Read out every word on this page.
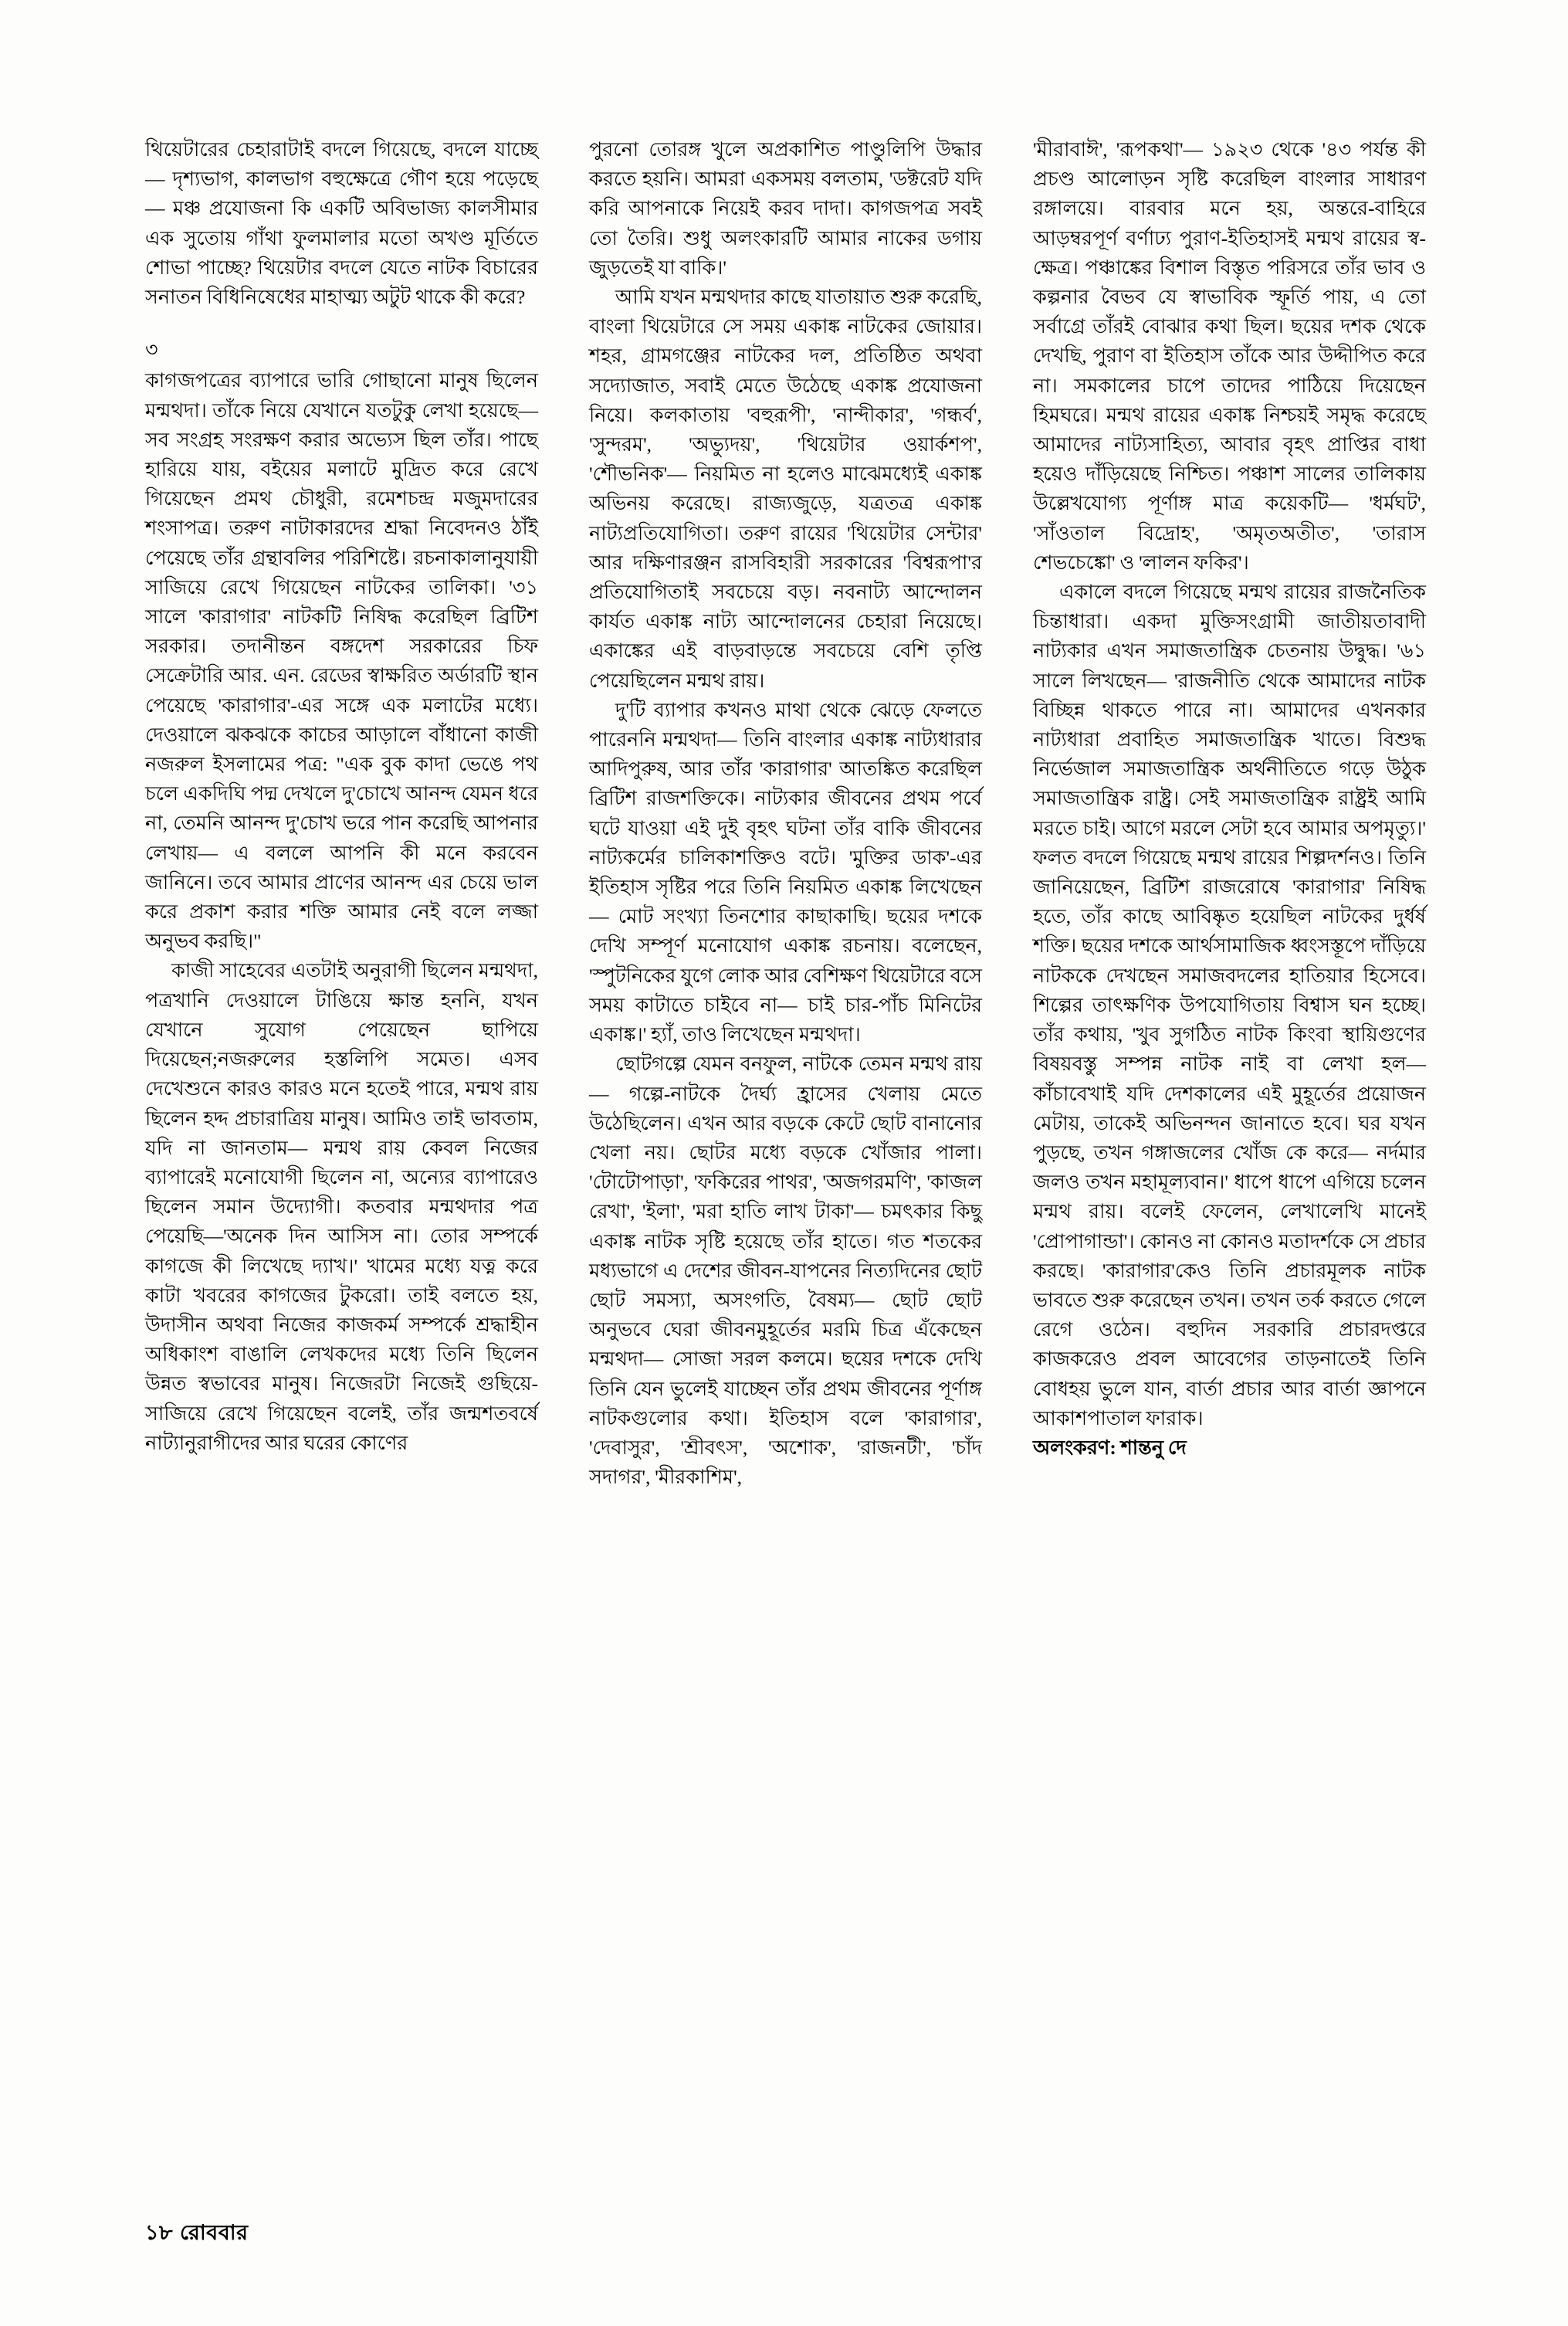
থিয়েটারের চেহারাটাই বদলে গিয়েছে, বদলে যাচ্ছে— দৃশ্যভাগ, কালভাগ বহুক্ষেত্রে গৌণ হয়ে পড়েছে— মঞ্চ প্রযোজনা কি একটি অবিভাজ্য কালসীমার এক সুতোয় গাঁথা ফুলমালার মতো অখণ্ড মূর্তিতে শোভা পাচ্ছে? থিয়েটার বদলে যেতে নাটক বিচারের সনাতন বিধিনিষেধের মাহাত্ম্য অটুট থাকে কী করে?

৩

কাগজপত্রের ব্যাপারে ভারি গোছানো মানুষ ছিলেন মন্মথদা। তাঁকে নিয়ে যেখানে যতটুকু লেখা হয়েছে— সব সংগ্রহ সংরক্ষণ করার অভ্যেস ছিল তাঁর। পাছে হারিয়ে যায়, বইয়ের মলাটে মুদ্রিত করে রেখে গিয়েছেন প্রমথ চৌধুরী, রমেশচন্দ্র মজুমদারের শংসাপত্র। তরুণ নাটাকারদের শ্রদ্ধা নিবেদনও ঠাঁই পেয়েছে তাঁর গ্রন্থাবলির পরিশিষ্টে। রচনাকালানুযায়ী সাজিয়ে রেখে গিয়েছেন নাটকের তালিকা। '৩১ সালে 'কারাগার' নাটকটি নিষিদ্ধ করেছিল ব্রিটিশ সরকার। তদানীন্তন বঙ্গদেশ সরকারের চিফ সেক্রেটারি আর. এন. রেডের স্বাক্ষরিত অর্ডারটি স্থান পেয়েছে 'কারাগার'-এর সঙ্গে এক মলাটের মধ্যে। দেওয়ালে ঝকঝকে কাচের আড়ালে বাঁধানো কাজী নজরুল ইসলামের পত্র: "এক বুক কাদা ভেঙে পথ চলে একদিঘি পদ্ম দেখলে দু'চোখে আনন্দ যেমন ধরে না, তেমনি আনন্দ দু'চোখ ভরে পান করেছি আপনার লেখায়— এ বললে আপনি কী মনে করবেন জানিনে। তবে আমার প্রাণের আনন্দ এর চেয়ে ভাল করে প্রকাশ করার শক্তি আমার নেই বলে লজ্জা অনুভব করছি।"

কাজী সাহেবের এতটাই অনুরাগী ছিলেন মন্মথদা, পত্রখানি দেওয়ালে টাঙিয়ে ক্ষান্ত হননি, যখন যেখানে সুযোগ পেয়েছেন ছাপিয়ে দিয়েছেন;নজরুলের হস্তলিপি সমেত। এসব দেখেশুনে কারও কারও মনে হতেই পারে, মন্মথ রায় ছিলেন হদ্দ প্রচারাত্রিয় মানুষ। আমিও তাই ভাবতাম, যদি না জানতাম— মন্মথ রায় কেবল নিজের ব্যাপারেই মনোযোগী ছিলেন না, অন্যের ব্যাপারেও ছিলেন সমান উদ্যোগী। কতবার মন্মথদার পত্র পেয়েছি—'অনেক দিন আসিস না। তোর সম্পর্কে কাগজে কী লিখেছে দ্যাখ।' খামের মধ্যে যত্ন করে কাটা খবরের কাগজের টুকরো। তাই বলতে হয়, উদাসীন অথবা নিজের কাজকর্ম সম্পর্কে শ্রদ্ধাহীন অধিকাংশ বাঙালি লেখকদের মধ্যে তিনি ছিলেন উন্নত স্বভাবের মানুষ। নিজেরটা নিজেই গুছিয়ে-সাজিয়ে রেখে গিয়েছেন বলেই, তাঁর জন্মশতবর্ষে নাট্যানুরাগীদের আর ঘরের কোণের

পুরনো তোরঙ্গ খুলে অপ্রকাশিত পাণ্ডুলিপি উদ্ধার করতে হয়নি। আমরা একসময় বলতাম, 'ডক্টরেট যদি করি আপনাকে নিয়েই করব দাদা। কাগজপত্র সবই তো তৈরি। শুধু অলংকারটি আমার নাকের ডগায় জুড়তেই যা বাকি।'

আমি যখন মন্মথদার কাছে যাতায়াত শুরু করেছি, বাংলা থিয়েটারে সে সময় একাঙ্ক নাটকের জোয়ার। শহর, গ্রামগঞ্জের নাটকের দল, প্রতিষ্ঠিত অথবা সদ্যোজাত, সবাই মেতে উঠেছে একাঙ্ক প্রযোজনা নিয়ে। কলকাতায় 'বহুরূপী', 'নান্দীকার', 'গন্ধর্ব', 'সুন্দরম', 'অভ্যুদয়', 'থিয়েটার ওয়ার্কশপ', 'শৌভনিক'— নিয়মিত না হলেও মাঝেমধ্যেই একাঙ্ক অভিনয় করেছে। রাজ্যজুড়ে, যত্রতত্র একাঙ্ক নাট্যপ্রতিযোগিতা। তরুণ রায়ের 'থিয়েটার সেন্টার' আর দক্ষিণারঞ্জন রাসবিহারী সরকারের 'বিশ্বরূপা'র প্রতিযোগিতাই সবচেয়ে বড়। নবনাট্য আন্দোলন কার্যত একাঙ্ক নাট্য আন্দোলনের চেহারা নিয়েছে। একাঙ্কের এই বাড়বাড়ন্তে সবচেয়ে বেশি তৃপ্তি পেয়েছিলেন মন্মথ রায়।

দু'টি ব্যাপার কখনও মাথা থেকে ঝেড়ে ফেলতে পারেননি মন্মথদা— তিনি বাংলার একাঙ্ক নাট্যধারার আদিপুরুষ, আর তাঁর 'কারাগার' আতঙ্কিত করেছিল ব্রিটিশ রাজশক্তিকে। নাট্যকার জীবনের প্রথম পর্বে ঘটে যাওয়া এই দুই বৃহৎ ঘটনা তাঁর বাকি জীবনের নাট্যকর্মের চালিকাশক্তিও বটে। 'মুক্তির ডাক'-এর ইতিহাস সৃষ্টির পরে তিনি নিয়মিত একাঙ্ক লিখেছেন— মোট সংখ্যা তিনশোর কাছাকাছি। ছয়ের দশকে দেখি সম্পূর্ণ মনোযোগ একাঙ্ক রচনায়। বলেছেন, 'স্পুটনিকের যুগে লোক আর বেশিক্ষণ থিয়েটারে বসে সময় কাটাতে চাইবে না— চাই চার-পাঁচ মিনিটের একাঙ্ক।' হ্যাঁ, তাও লিখেছেন মন্মথদা।

ছোটগল্পে যেমন বনফুল, নাটকে তেমন মন্মথ রায়— গল্পে-নাটকে দৈর্ঘ্য হ্রাসের খেলায় মেতে উঠেছিলেন। এখন আর বড়কে কেটে ছোট বানানোর খেলা নয়। ছোটর মধ্যে বড়কে খোঁজার পালা। 'টোটোপাড়া', 'ফকিরের পাথর', 'অজগরমণি', 'কাজল রেখা', 'ইলা', 'মরা হাতি লাখ টাকা'— চমৎকার কিছু একাঙ্ক নাটক সৃষ্টি হয়েছে তাঁর হাতে। গত শতকের মধ্যভাগে এ দেশের জীবন-যাপনের নিত্যদিনের ছোট ছোট সমস্যা, অসংগতি, বৈষম্য— ছোট ছোট অনুভবে ঘেরা জীবনমুহূর্তের মরমি চিত্র এঁকেছেন মন্মথদা— সোজা সরল কলমে। ছয়ের দশকে দেখি তিনি যেন ভুলেই যাচ্ছেন তাঁর প্রথম জীবনের পূর্ণাঙ্গ নাটকগুলোর কথা। ইতিহাস বলে 'কারাগার', 'দেবাসুর', 'শ্রীবৎস', 'অশোক', 'রাজনটী', 'চাঁদ সদাগর', 'মীরকাশিম',

'মীরাবাঈ', 'রূপকথা'— ১৯২৩ থেকে '৪৩ পর্যন্ত কী প্রচণ্ড আলোড়ন সৃষ্টি করেছিল বাংলার সাধারণ রঙ্গালয়ে। বারবার মনে হয়, অন্তরে-বাহিরে আড়ম্বরপূর্ণ বর্ণাঢ্য পুরাণ-ইতিহাসই মন্মথ রায়ের স্ব-ক্ষেত্র। পঞ্চাঙ্কের বিশাল বিস্তৃত পরিসরে তাঁর ভাব ও কল্পনার বৈভব যে স্বাভাবিক স্ফূর্তি পায়, এ তো সর্বাগ্রে তাঁরই বোঝার কথা ছিল। ছয়ের দশক থেকে দেখছি, পুরাণ বা ইতিহাস তাঁকে আর উদ্দীপিত করে না। সমকালের চাপে তাদের পাঠিয়ে দিয়েছেন হিমঘরে। মন্মথ রায়ের একাঙ্ক নিশ্চয়ই সমৃদ্ধ করেছে আমাদের নাট্যসাহিত্য, আবার বৃহৎ প্রাপ্তির বাধা হয়েও দাঁড়িয়েছে নিশ্চিত। পঞ্চাশ সালের তালিকায় উল্লেখযোগ্য পূর্ণাঙ্গ মাত্র কয়েকটি— 'ধর্মঘট', 'সাঁওতাল বিদ্রোহ', 'অমৃতঅতীত', 'তারাস শেভচেঙ্কো' ও 'লালন ফকির'।

একালে বদলে গিয়েছে মন্মথ রায়ের রাজনৈতিক চিন্তাধারা। একদা মুক্তিসংগ্রামী জাতীয়তাবাদী নাট্যকার এখন সমাজতান্ত্রিক চেতনায় উদ্বুদ্ধ। '৬১ সালে লিখছেন— 'রাজনীতি থেকে আমাদের নাটক বিচ্ছিন্ন থাকতে পারে না। আমাদের এখনকার নাট্যধারা প্রবাহিত সমাজতান্ত্রিক খাতে। বিশুদ্ধ নির্ভেজাল সমাজতান্ত্রিক অর্থনীতিতে গড়ে উঠুক সমাজতান্ত্রিক রাষ্ট্র। সেই সমাজতান্ত্রিক রাষ্ট্রই আমি মরতে চাই। আগে মরলে সেটা হবে আমার অপমৃত্যু।' ফলত বদলে গিয়েছে মন্মথ রায়ের শিল্পদর্শনও। তিনি জানিয়েছেন, ব্রিটিশ রাজরোষে 'কারাগার' নিষিদ্ধ হতে, তাঁর কাছে আবিষ্কৃত হয়েছিল নাটকের দুর্ধর্ষ শক্তি। ছয়ের দশকে আর্থসামাজিক ধ্বংসস্তূপে দাঁড়িয়ে নাটককে দেখছেন সমাজবদলের হাতিয়ার হিসেবে। শিল্পের তাৎক্ষণিক উপযোগিতায় বিশ্বাস ঘন হচ্ছে। তাঁর কথায়, 'খুব সুগঠিত নাটক কিংবা স্থায়িগুণের বিষয়বস্তু সম্পন্ন নাটক নাই বা লেখা হল— কাঁচাবেখাই যদি দেশকালের এই মুহূর্তের প্রয়োজন মেটায়, তাকেই অভিনন্দন জানাতে হবে। ঘর যখন পুড়ছে, তখন গঙ্গাজলের খোঁজ কে করে— নর্দমার জলও তখন মহামূল্যবান।' ধাপে ধাপে এগিয়ে চলেন মন্মথ রায়। বলেই ফেলেন, লেখালেখি মানেই 'প্রোপাগান্ডা'। কোনও না কোনও মতাদর্শকে সে প্রচার করছে। 'কারাগার'কেও তিনি প্রচারমূলক নাটক ভাবতে শুরু করেছেন তখন। তখন তর্ক করতে গেলে রেগে ওঠেন। বহুদিন সরকারি প্রচারদপ্তরে কাজকরেও প্রবল আবেগের তাড়নাতেই তিনি বোধহয় ভুলে যান, বার্তা প্রচার আর বার্তা জ্ঞাপনে আকাশপাতাল ফারাক।

অলংকরণ: শান্তনু দে

১৮ রোববার
